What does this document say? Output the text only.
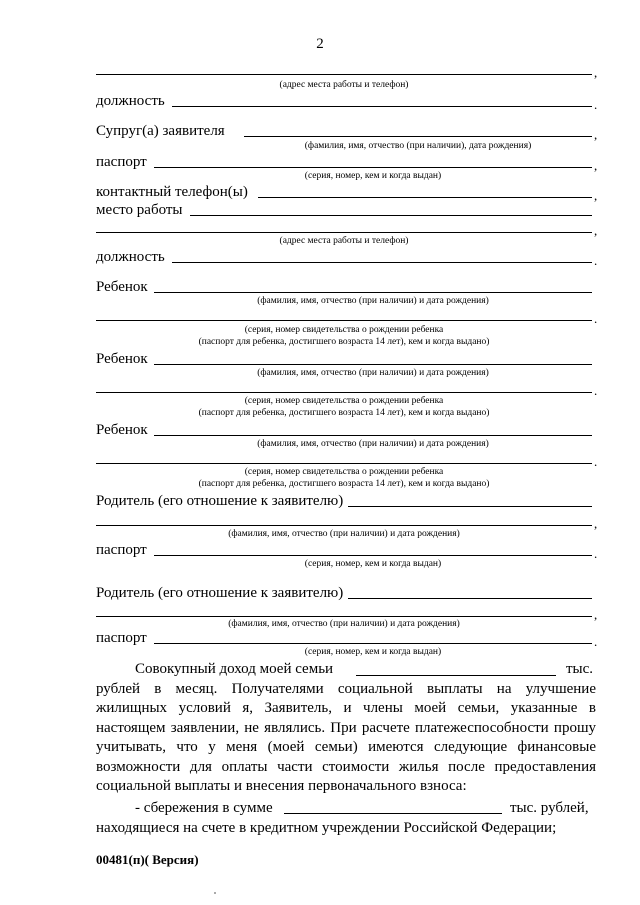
2
,
(адрес места работы и телефон)
должность	.
Супруг(а) заявителя	,
(фамилия, имя, отчество (при наличии), дата рождения)
паспорт	,
(серия, номер, кем и когда выдан)
контактный телефон(ы)	,
место работы
,
(адрес места работы и телефон)
должность	.
Ребенок
(фамилия, имя, отчество (при наличии) и дата рождения)
.
(серия, номер свидетельства о рождении ребенка
(паспорт для ребенка, достигшего возраста 14 лет), кем и когда выдано)
Ребенок
(фамилия, имя, отчество (при наличии) и дата рождения)
.
(серия, номер свидетельства о рождении ребенка
(паспорт для ребенка, достигшего возраста 14 лет), кем и когда выдано)
Ребенок
(фамилия, имя, отчество (при наличии) и дата рождения)
.
(серия, номер свидетельства о рождении ребенка
(паспорт для ребенка, достигшего возраста 14 лет), кем и когда выдано)
Родитель (его отношение к заявителю)
,
(фамилия, имя, отчество (при наличии) и дата рождения)
паспорт	.
(серия, номер, кем и когда выдан)
Родитель (его отношение к заявителю)
,
(фамилия, имя, отчество (при наличии) и дата рождения)
паспорт	.
(серия, номер, кем и когда выдан)
Совокупный доход моей семьи	тыс.
рублей в месяц. Получателями социальной выплаты на улучшение жилищных условий я, Заявитель, и члены моей семьи, указанные в настоящем заявлении, не являлись. При расчете платежеспособности прошу учитывать, что у меня (моей семьи) имеются следующие финансовые возможности для оплаты части стоимости жилья после предоставления социальной выплаты и внесения первоначального взноса:
- сбережения в сумме	тыс. рублей,
находящиеся на счете в кредитном учреждении Российской Федерации;
00481(п)( Версия)
